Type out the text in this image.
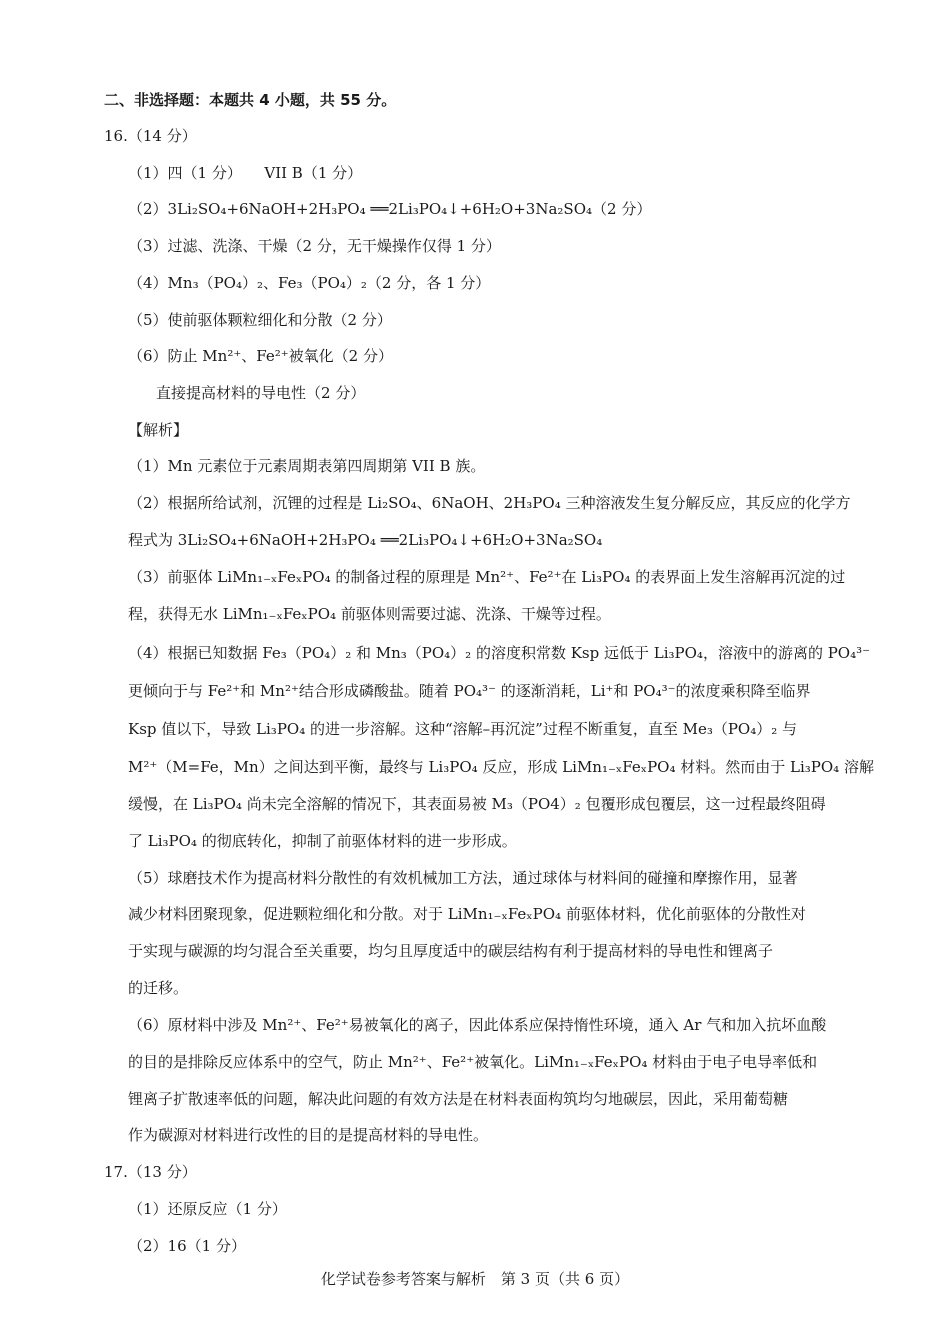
二、非选择题：本题共 4 小题，共 55 分。
16.（14 分）
（1）四（1 分）　　VII B（1 分）
（2）3Li₂SO₄+6NaOH+2H₃PO₄ ══2Li₃PO₄↓+6H₂O+3Na₂SO₄（2 分）
（3）过滤、洗涤、干燥（2 分，无干燥操作仅得 1 分）
（4）Mn₃（PO₄）₂、Fe₃（PO₄）₂（2 分，各 1 分）
（5）使前驱体颗粒细化和分散（2 分）
（6）防止 Mn²⁺、Fe²⁺被氧化（2 分）
直接提高材料的导电性（2 分）
【解析】
（1）Mn 元素位于元素周期表第四周期第 VII B 族。
（2）根据所给试剂，沉锂的过程是 Li₂SO₄、6NaOH、2H₃PO₄ 三种溶液发生复分解反应，其反应的化学方
程式为 3Li₂SO₄+6NaOH+2H₃PO₄ ══2Li₃PO₄↓+6H₂O+3Na₂SO₄
（3）前驱体 LiMn₁₋ₓFeₓPO₄ 的制备过程的原理是 Mn²⁺、Fe²⁺在 Li₃PO₄ 的表界面上发生溶解再沉淀的过
程，获得无水 LiMn₁₋ₓFeₓPO₄ 前驱体则需要过滤、洗涤、干燥等过程。
（4）根据已知数据 Fe₃（PO₄）₂ 和 Mn₃（PO₄）₂ 的溶度积常数 Ksp 远低于 Li₃PO₄，溶液中的游离的 PO₄³⁻
更倾向于与 Fe²⁺和 Mn²⁺结合形成磷酸盐。随着 PO₄³⁻ 的逐渐消耗，Li⁺和 PO₄³⁻的浓度乘积降至临界
Ksp 值以下，导致 Li₃PO₄ 的进一步溶解。这种“溶解–再沉淀”过程不断重复，直至 Me₃（PO₄）₂ 与
M²⁺（M=Fe，Mn）之间达到平衡，最终与 Li₃PO₄ 反应，形成 LiMn₁₋ₓFeₓPO₄ 材料。然而由于 Li₃PO₄ 溶解
缓慢，在 Li₃PO₄ 尚未完全溶解的情况下，其表面易被 M₃（PO4）₂ 包覆形成包覆层，这一过程最终阻碍
了 Li₃PO₄ 的彻底转化，抑制了前驱体材料的进一步形成。
（5）球磨技术作为提高材料分散性的有效机械加工方法，通过球体与材料间的碰撞和摩擦作用，显著
减少材料团聚现象，促进颗粒细化和分散。对于 LiMn₁₋ₓFeₓPO₄ 前驱体材料，优化前驱体的分散性对
于实现与碳源的均匀混合至关重要，均匀且厚度适中的碳层结构有利于提高材料的导电性和锂离子
的迁移。
（6）原材料中涉及 Mn²⁺、Fe²⁺易被氧化的离子，因此体系应保持惰性环境，通入 Ar 气和加入抗坏血酸
的目的是排除反应体系中的空气，防止 Mn²⁺、Fe²⁺被氧化。LiMn₁₋ₓFeₓPO₄ 材料由于电子电导率低和
锂离子扩散速率低的问题，解决此问题的有效方法是在材料表面构筑均匀地碳层，因此，采用葡萄糖
作为碳源对材料进行改性的目的是提高材料的导电性。
17.（13 分）
（1）还原反应（1 分）
（2）16（1 分）
化学试卷参考答案与解析　第 3 页（共 6 页）
